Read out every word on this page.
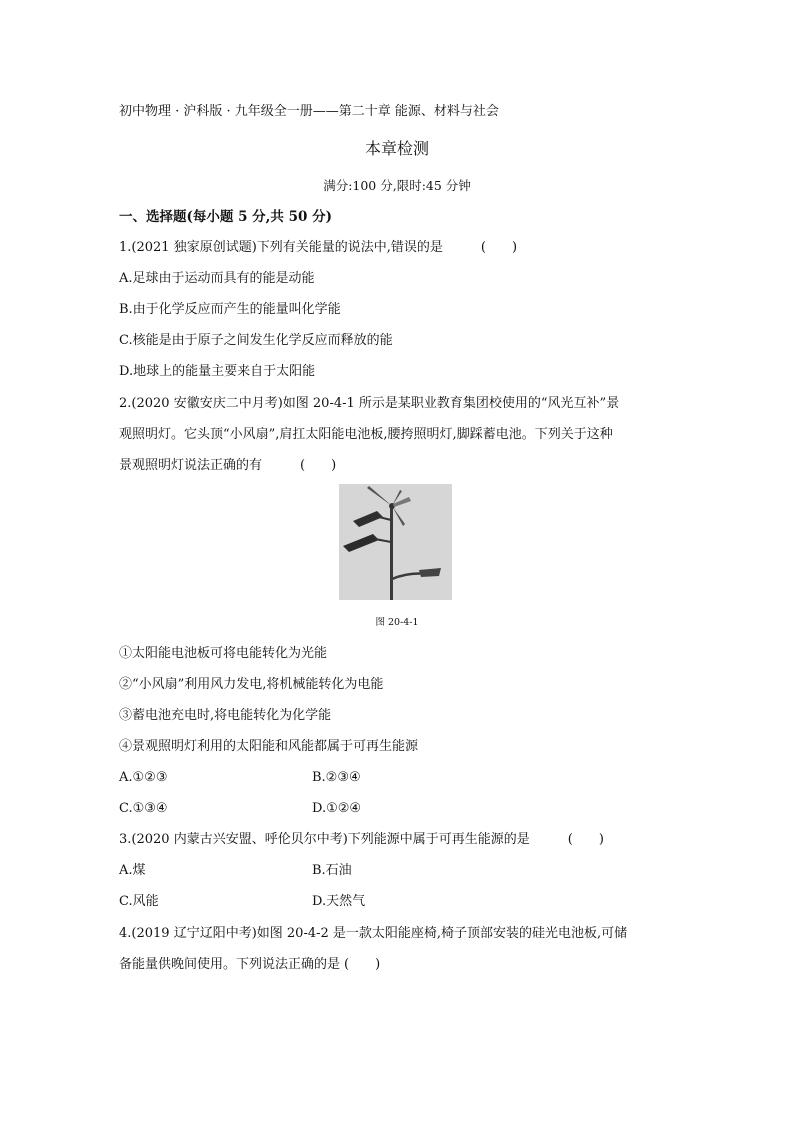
初中物理 · 沪科版 · 九年级全一册——第二十章 能源、材料与社会
本章检测
满分:100 分,限时:45 分钟
一、选择题(每小题 5 分,共 50 分)
1.(2021 独家原创试题)下列有关能量的说法中,错误的是	(　　)
A.足球由于运动而具有的能是动能
B.由于化学反应而产生的能量叫化学能
C.核能是由于原子之间发生化学反应而释放的能
D.地球上的能量主要来自于太阳能
2.(2020 安徽安庆二中月考)如图 20-4-1 所示是某职业教育集团校使用的“风光互补”景
观照明灯。它头顶“小风扇”,肩扛太阳能电池板,腰挎照明灯,脚踩蓄电池。下列关于这种
景观照明灯说法正确的有	(　　)
图 20-4-1
①太阳能电池板可将电能转化为光能
②“小风扇”利用风力发电,将机械能转化为电能
③蓄电池充电时,将电能转化为化学能
④景观照明灯利用的太阳能和风能都属于可再生能源
A.①②③	B.②③④
C.①③④	D.①②④
3.(2020 内蒙古兴安盟、呼伦贝尔中考)下列能源中属于可再生能源的是	(　　)
A.煤	B.石油
C.风能	D.天然气
4.(2019 辽宁辽阳中考)如图 20-4-2 是一款太阳能座椅,椅子顶部安装的硅光电池板,可储
备能量供晚间使用。下列说法正确的是 (　　)
